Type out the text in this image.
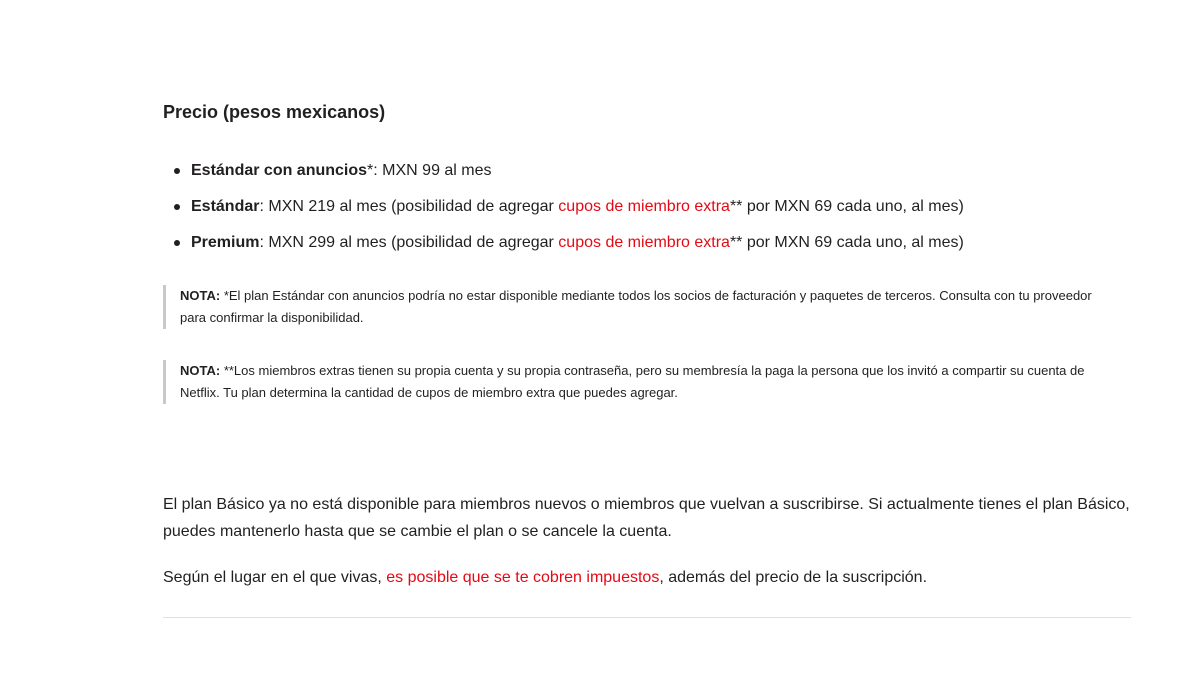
Precio (pesos mexicanos)
Estándar con anuncios*: MXN 99 al mes
Estándar: MXN 219 al mes (posibilidad de agregar cupos de miembro extra** por MXN 69 cada uno, al mes)
Premium: MXN 299 al mes (posibilidad de agregar cupos de miembro extra** por MXN 69 cada uno, al mes)
NOTA: *El plan Estándar con anuncios podría no estar disponible mediante todos los socios de facturación y paquetes de terceros. Consulta con tu proveedor para confirmar la disponibilidad.
NOTA: **Los miembros extras tienen su propia cuenta y su propia contraseña, pero su membresía la paga la persona que los invitó a compartir su cuenta de Netflix. Tu plan determina la cantidad de cupos de miembro extra que puedes agregar.

El plan Básico ya no está disponible para miembros nuevos o miembros que vuelvan a suscribirse. Si actualmente tienes el plan Básico, puedes mantenerlo hasta que se cambie el plan o se cancele la cuenta.

Según el lugar en el que vivas, es posible que se te cobren impuestos, además del precio de la suscripción.
